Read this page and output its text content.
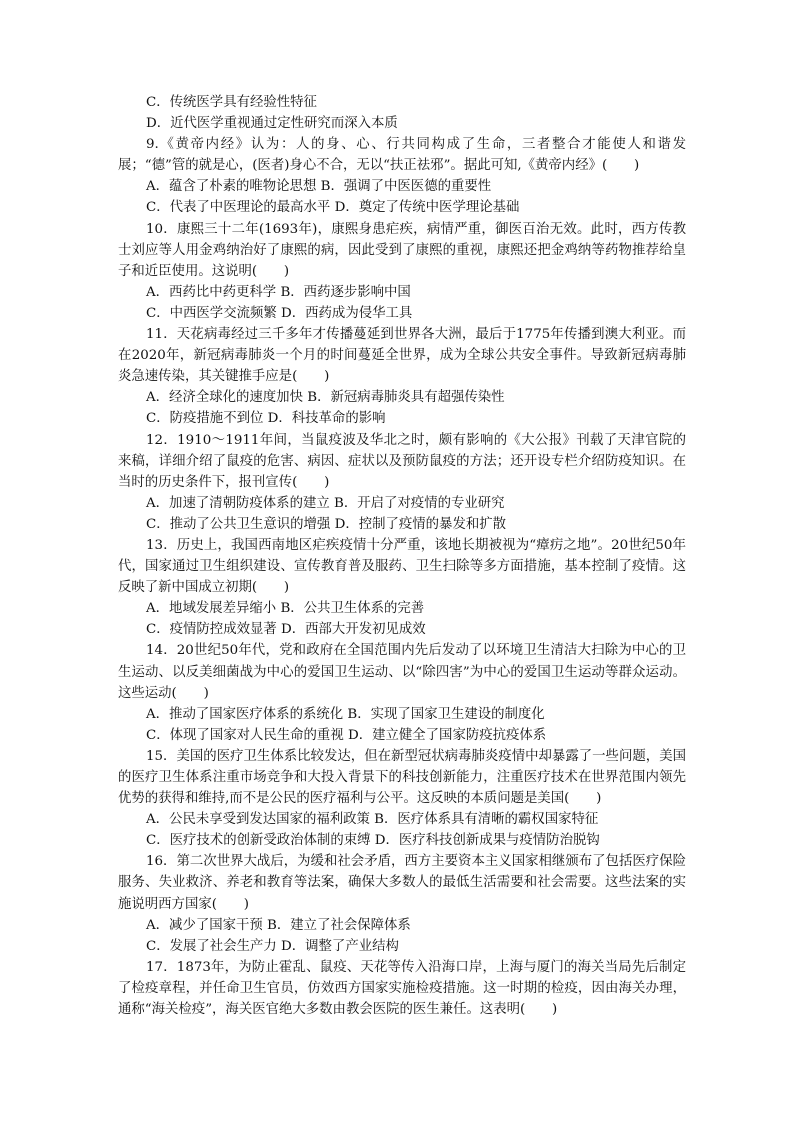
C．传统医学具有经验性特征

D．近代医学重视通过定性研究而深入本质

9.《黄帝内经》认为：人的身、心、行共同构成了生命，三者整合才能使人和谐发展；“德”管的就是心，(医者)身心不合，无以“扶正祛邪”。据此可知,《黄帝内经》(　　)

A．蕴含了朴素的唯物论思想 B．强调了中医医德的重要性

C．代表了中医理论的最高水平 D．奠定了传统中医学理论基础

10．康熙三十二年(1693年)，康熙身患疟疾，病情严重，御医百治无效。此时，西方传教士刘应等人用金鸡纳治好了康熙的病，因此受到了康熙的重视，康熙还把金鸡纳等药物推荐给皇子和近臣使用。这说明(　　)

A．西药比中药更科学 B．西药逐步影响中国

C．中西医学交流频繁 D．西药成为侵华工具

11．天花病毒经过三千多年才传播蔓延到世界各大洲，最后于1775年传播到澳大利亚。而在2020年，新冠病毒肺炎一个月的时间蔓延全世界，成为全球公共安全事件。导致新冠病毒肺炎急速传染，其关键推手应是(　　)

A．经济全球化的速度加快 B．新冠病毒肺炎具有超强传染性

C．防疫措施不到位 D．科技革命的影响

12．1910～1911年间，当鼠疫波及华北之时，颇有影响的《大公报》刊载了天津官院的来稿，详细介绍了鼠疫的危害、病因、症状以及预防鼠疫的方法；还开设专栏介绍防疫知识。在当时的历史条件下，报刊宣传(　　)

A．加速了清朝防疫体系的建立 B．开启了对疫情的专业研究

C．推动了公共卫生意识的增强 D．控制了疫情的暴发和扩散

13．历史上，我国西南地区疟疾疫情十分严重，该地长期被视为“瘴疠之地”。20世纪50年代，国家通过卫生组织建设、宣传教育普及服药、卫生扫除等多方面措施，基本控制了疫情。这反映了新中国成立初期(　　)

A．地域发展差异缩小 B．公共卫生体系的完善

C．疫情防控成效显著 D．西部大开发初见成效

14．20世纪50年代，党和政府在全国范围内先后发动了以环境卫生清洁大扫除为中心的卫生运动、以反美细菌战为中心的爱国卫生运动、以“除四害”为中心的爱国卫生运动等群众运动。这些运动(　　)

A．推动了国家医疗体系的系统化 B．实现了国家卫生建设的制度化

C．体现了国家对人民生命的重视 D．建立健全了国家防疫抗疫体系

15．美国的医疗卫生体系比较发达，但在新型冠状病毒肺炎疫情中却暴露了一些问题，美国的医疗卫生体系注重市场竞争和大投入背景下的科技创新能力，注重医疗技术在世界范围内领先优势的获得和维持,而不是公民的医疗福利与公平。这反映的本质问题是美国(　　)

A．公民未享受到发达国家的福利政策 B．医疗体系具有清晰的霸权国家特征

C．医疗技术的创新受政治体制的束缚 D．医疗科技创新成果与疫情防治脱钩

16．第二次世界大战后，为缓和社会矛盾，西方主要资本主义国家相继颁布了包括医疗保险服务、失业救济、养老和教育等法案，确保大多数人的最低生活需要和社会需要。这些法案的实施说明西方国家(　　)

A．减少了国家干预 B．建立了社会保障体系

C．发展了社会生产力 D．调整了产业结构

17．1873年，为防止霍乱、鼠疫、天花等传入沿海口岸，上海与厦门的海关当局先后制定了检疫章程，并任命卫生官员，仿效西方国家实施检疫措施。这一时期的检疫，因由海关办理，通称“海关检疫”，海关医官绝大多数由教会医院的医生兼任。这表明(　　)
